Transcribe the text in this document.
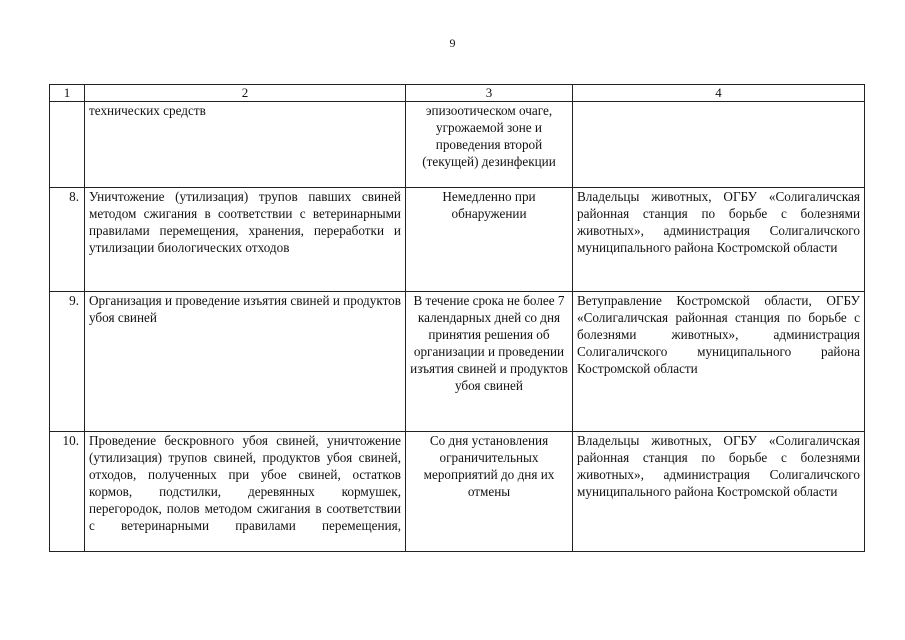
9
1	2	3	4
	технических средств	эпизоотическом очаге, угрожаемой зоне и проведения второй (текущей) дезинфекции	
8.	Уничтожение (утилизация) трупов павших свиней методом сжигания в соответствии с ветеринарными правилами перемещения, хранения, переработки и утилизации биологических отходов	Немедленно при обнаружении	Владельцы животных, ОГБУ «Солигаличская районная станция по борьбе с болезнями животных», администрация Солигаличского муниципального района Костромской области
9.	Организация и проведение изъятия свиней и продуктов убоя свиней	В течение срока не более 7 календарных дней со дня принятия решения об организации и проведении изъятия свиней и продуктов убоя свиней	Ветуправление Костромской области, ОГБУ «Солигаличская районная станция по борьбе с болезнями животных», администрация Солигаличского муниципального района Костромской области
10.	Проведение бескровного убоя свиней, уничтожение (утилизация) трупов свиней, продуктов убоя свиней, отходов, полученных при убое свиней, остатков кормов, подстилки, деревянных кормушек, перегородок, полов методом сжигания в соответствии с ветеринарными правилами перемещения,	Со дня установления ограничительных мероприятий до дня их отмены	Владельцы животных, ОГБУ «Солигаличская районная станция по борьбе с болезнями животных», администрация Солигаличского муниципального района Костромской области
